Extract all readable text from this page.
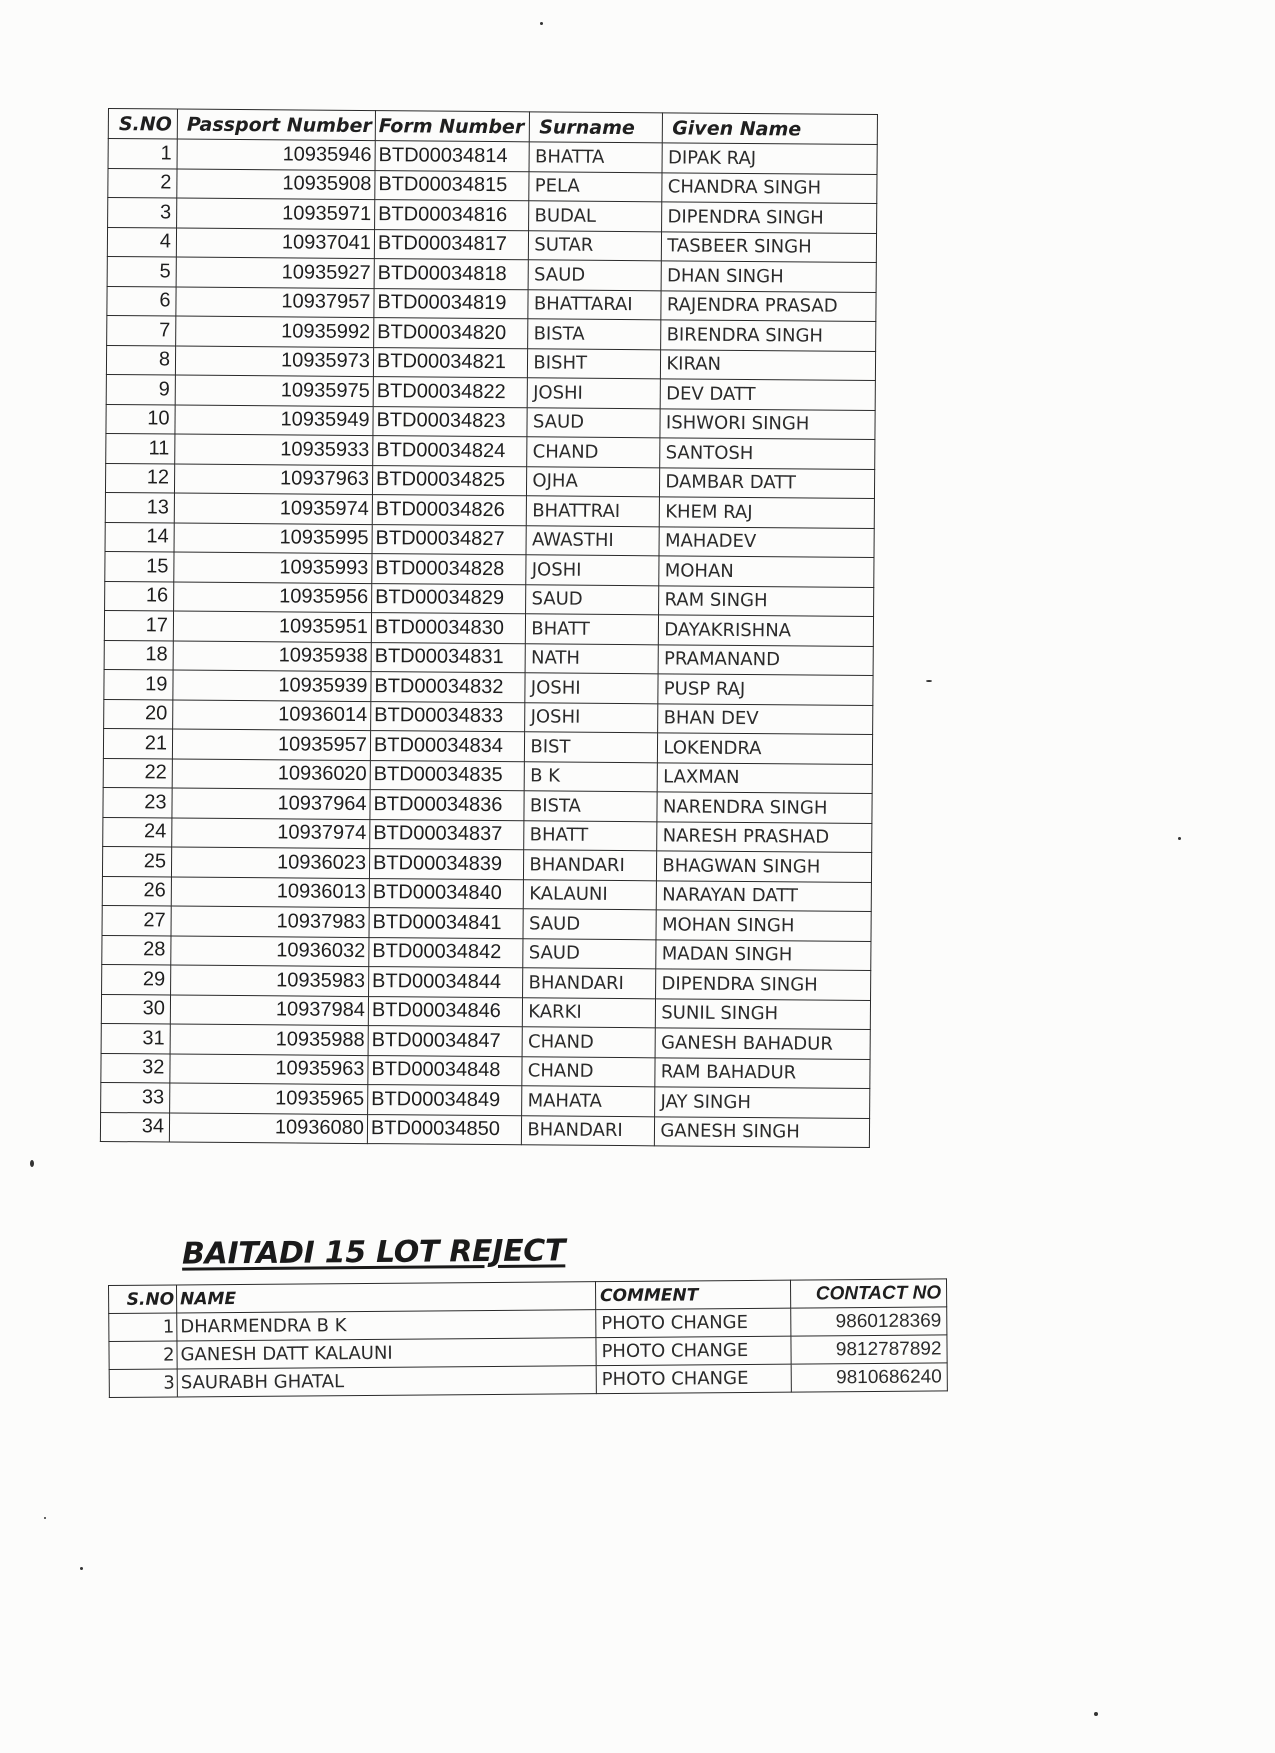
S.NO	Passport Number	Form Number	Surname	Given Name
1	10935946	BTD00034814	BHATTA	DIPAK RAJ
2	10935908	BTD00034815	PELA	CHANDRA SINGH
3	10935971	BTD00034816	BUDAL	DIPENDRA SINGH
4	10937041	BTD00034817	SUTAR	TASBEER SINGH
5	10935927	BTD00034818	SAUD	DHAN SINGH
6	10937957	BTD00034819	BHATTARAI	RAJENDRA PRASAD
7	10935992	BTD00034820	BISTA	BIRENDRA SINGH
8	10935973	BTD00034821	BISHT	KIRAN
9	10935975	BTD00034822	JOSHI	DEV DATT
10	10935949	BTD00034823	SAUD	ISHWORI SINGH
11	10935933	BTD00034824	CHAND	SANTOSH
12	10937963	BTD00034825	OJHA	DAMBAR DATT
13	10935974	BTD00034826	BHATTRAI	KHEM RAJ
14	10935995	BTD00034827	AWASTHI	MAHADEV
15	10935993	BTD00034828	JOSHI	MOHAN
16	10935956	BTD00034829	SAUD	RAM SINGH
17	10935951	BTD00034830	BHATT	DAYAKRISHNA
18	10935938	BTD00034831	NATH	PRAMANAND
19	10935939	BTD00034832	JOSHI	PUSP RAJ
20	10936014	BTD00034833	JOSHI	BHAN DEV
21	10935957	BTD00034834	BIST	LOKENDRA
22	10936020	BTD00034835	B K	LAXMAN
23	10937964	BTD00034836	BISTA	NARENDRA SINGH
24	10937974	BTD00034837	BHATT	NARESH PRASHAD
25	10936023	BTD00034839	BHANDARI	BHAGWAN SINGH
26	10936013	BTD00034840	KALAUNI	NARAYAN DATT
27	10937983	BTD00034841	SAUD	MOHAN SINGH
28	10936032	BTD00034842	SAUD	MADAN SINGH
29	10935983	BTD00034844	BHANDARI	DIPENDRA SINGH
30	10937984	BTD00034846	KARKI	SUNIL SINGH
31	10935988	BTD00034847	CHAND	GANESH BAHADUR
32	10935963	BTD00034848	CHAND	RAM BAHADUR
33	10935965	BTD00034849	MAHATA	JAY SINGH
34	10936080	BTD00034850	BHANDARI	GANESH SINGH
BAITADI 15 LOT REJECT
S.NO	NAME	COMMENT	CONTACT NO
1	DHARMENDRA B K	PHOTO CHANGE	9860128369
2	GANESH DATT KALAUNI	PHOTO CHANGE	9812787892
3	SAURABH GHATAL	PHOTO CHANGE	9810686240
